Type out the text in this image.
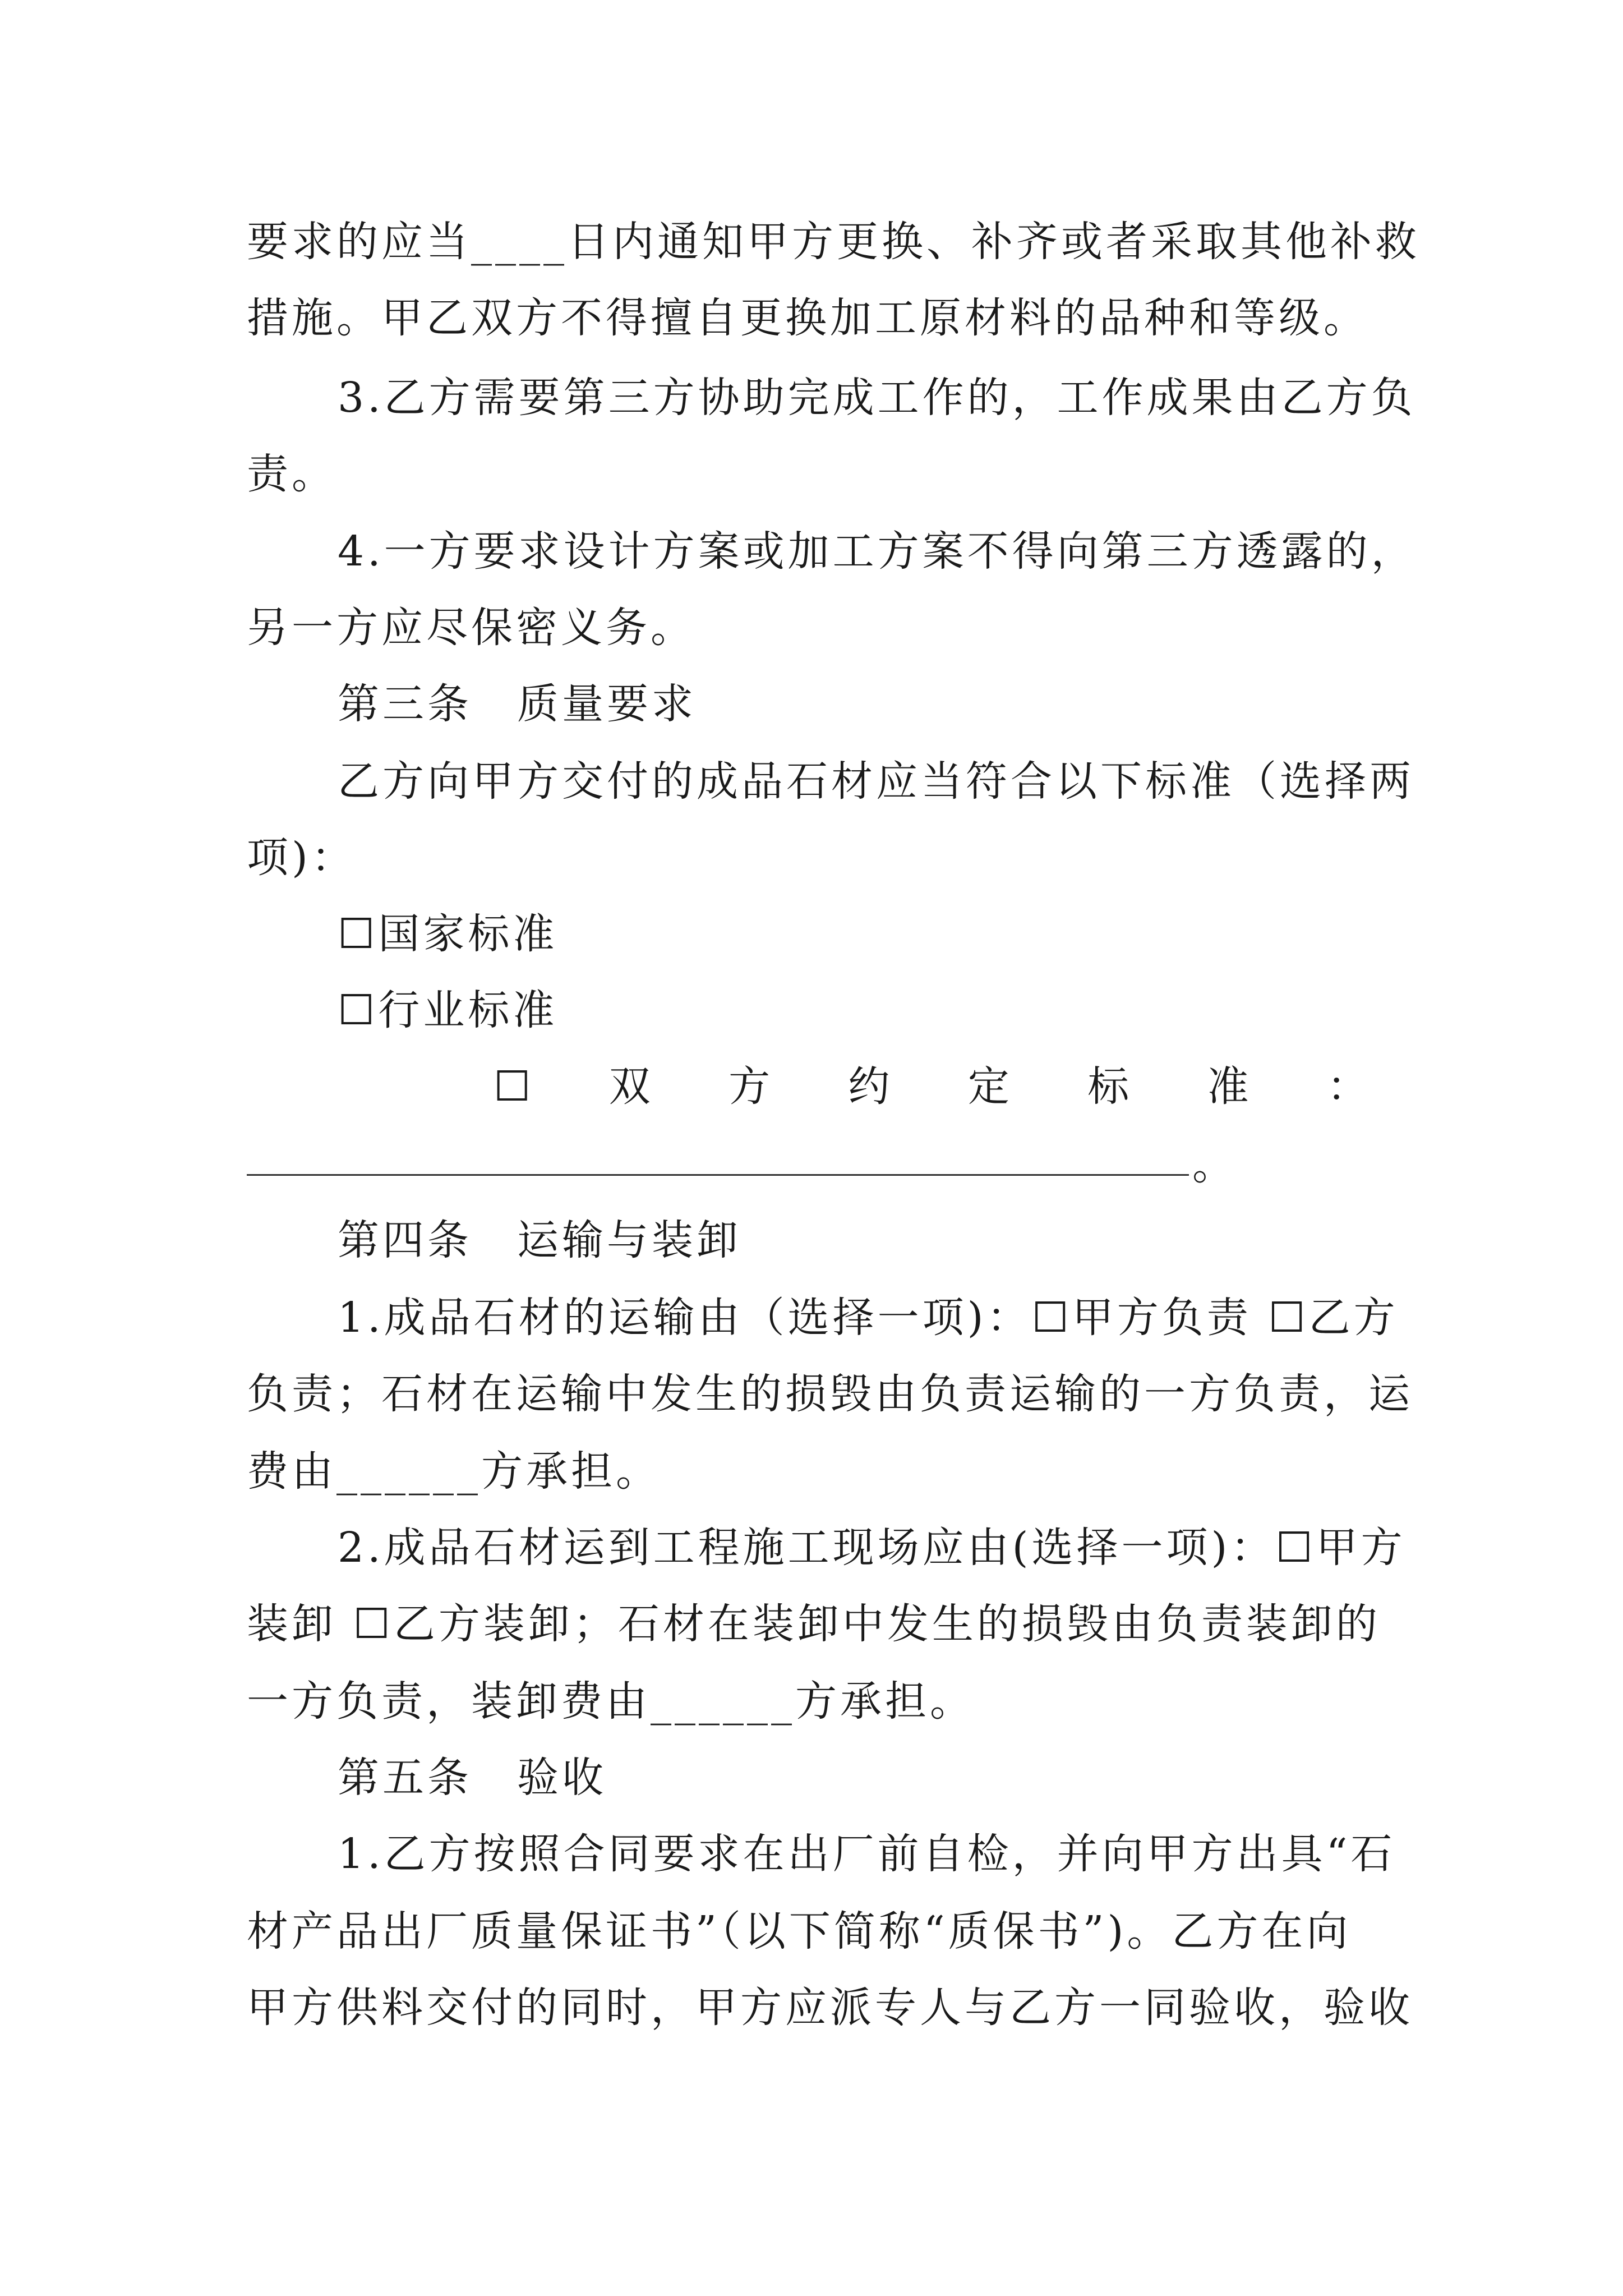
要求的应当____日内通知甲方更换、补齐或者采取其他补救
措施。甲乙双方不得擅自更换加工原材料的品种和等级。
3.乙方需要第三方协助完成工作的，工作成果由乙方负
责。
4.一方要求设计方案或加工方案不得向第三方透露的，
另一方应尽保密义务。
第三条　质量要求
乙方向甲方交付的成品石材应当符合以下标准（选择两
项)：
☐国家标准
☐行业标准
☐ 双 方 约 定 标 准 ：
。
第四条　运输与装卸
1.成品石材的运输由（选择一项)：☐甲方负责 ☐乙方
负责；石材在运输中发生的损毁由负责运输的一方负责，运
费由______方承担。
2.成品石材运到工程施工现场应由(选择一项)：☐甲方
装卸 ☐乙方装卸；石材在装卸中发生的损毁由负责装卸的
一方负责，装卸费由______方承担。
第五条　验收
1.乙方按照合同要求在出厂前自检，并向甲方出具“石
材产品出厂质量保证书”（以下简称“质保书”)。乙方在向
甲方供料交付的同时，甲方应派专人与乙方一同验收，验收
